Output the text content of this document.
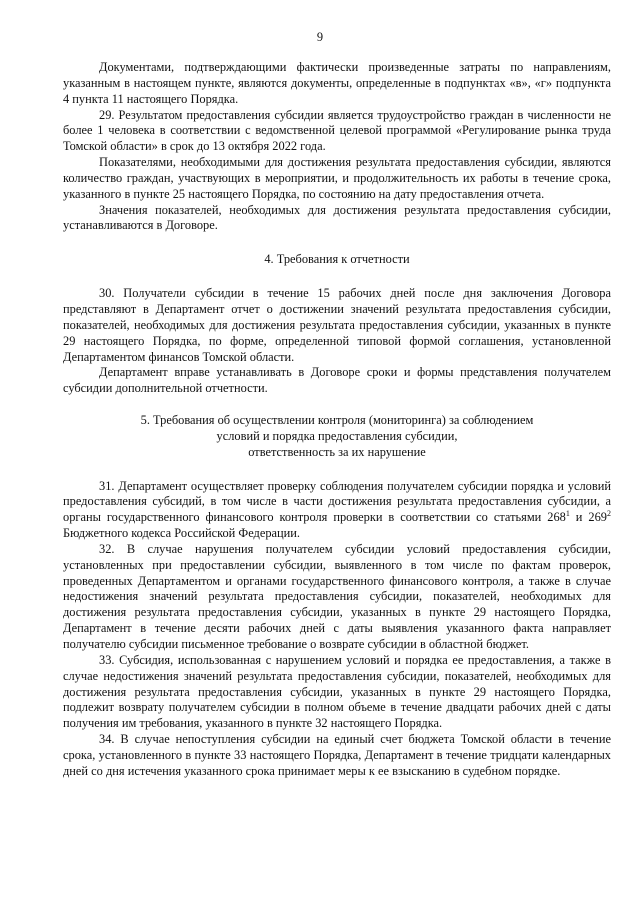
9

Документами, подтверждающими фактически произведенные затраты по направлениям, указанным в настоящем пункте, являются документы, определенные в подпунктах «в», «г» подпункта 4 пункта 11 настоящего Порядка.

29. Результатом предоставления субсидии является трудоустройство граждан в численности не более 1 человека в соответствии с ведомственной целевой программой «Регулирование рынка труда Томской области» в срок до 13 октября 2022 года.

Показателями, необходимыми для достижения результата предоставления субсидии, являются количество граждан, участвующих в мероприятии, и продолжительность их работы в течение срока, указанного в пункте 25 настоящего Порядка, по состоянию на дату предоставления отчета.

Значения показателей, необходимых для достижения результата предоставления субсидии, устанавливаются в Договоре.

4. Требования к отчетности

30. Получатели субсидии в течение 15 рабочих дней после дня заключения Договора представляют в Департамент отчет о достижении значений результата предоставления субсидии, показателей, необходимых для достижения результата предоставления субсидии, указанных в пункте 29 настоящего Порядка, по форме, определенной типовой формой соглашения, установленной Департаментом финансов Томской области.

Департамент вправе устанавливать в Договоре сроки и формы представления получателем субсидии дополнительной отчетности.

5. Требования об осуществлении контроля (мониторинга) за соблюдением
условий и порядка предоставления субсидии,
ответственность за их нарушение

31. Департамент осуществляет проверку соблюдения получателем субсидии порядка и условий предоставления субсидий, в том числе в части достижения результата предоставления субсидии, а органы государственного финансового контроля проверки в соответствии со статьями $268^1$ и $269^2$ Бюджетного кодекса Российской Федерации.

32. В случае нарушения получателем субсидии условий предоставления субсидии, установленных при предоставлении субсидии, выявленного в том числе по фактам проверок, проведенных Департаментом и органами государственного финансового контроля, а также в случае недостижения значений результата предоставления субсидии, показателей, необходимых для достижения результата предоставления субсидии, указанных в пункте 29 настоящего Порядка, Департамент в течение десяти рабочих дней с даты выявления указанного факта направляет получателю субсидии письменное требование о возврате субсидии в областной бюджет.

33. Субсидия, использованная с нарушением условий и порядка ее предоставления, а также в случае недостижения значений результата предоставления субсидии, показателей, необходимых для достижения результата предоставления субсидии, указанных в пункте 29 настоящего Порядка, подлежит возврату получателем субсидии в полном объеме в течение двадцати рабочих дней с даты получения им требования, указанного в пункте 32 настоящего Порядка.

34. В случае непоступления субсидии на единый счет бюджета Томской области в течение срока, установленного в пункте 33 настоящего Порядка, Департамент в течение тридцати календарных дней со дня истечения указанного срока принимает меры к ее взысканию в судебном порядке.
